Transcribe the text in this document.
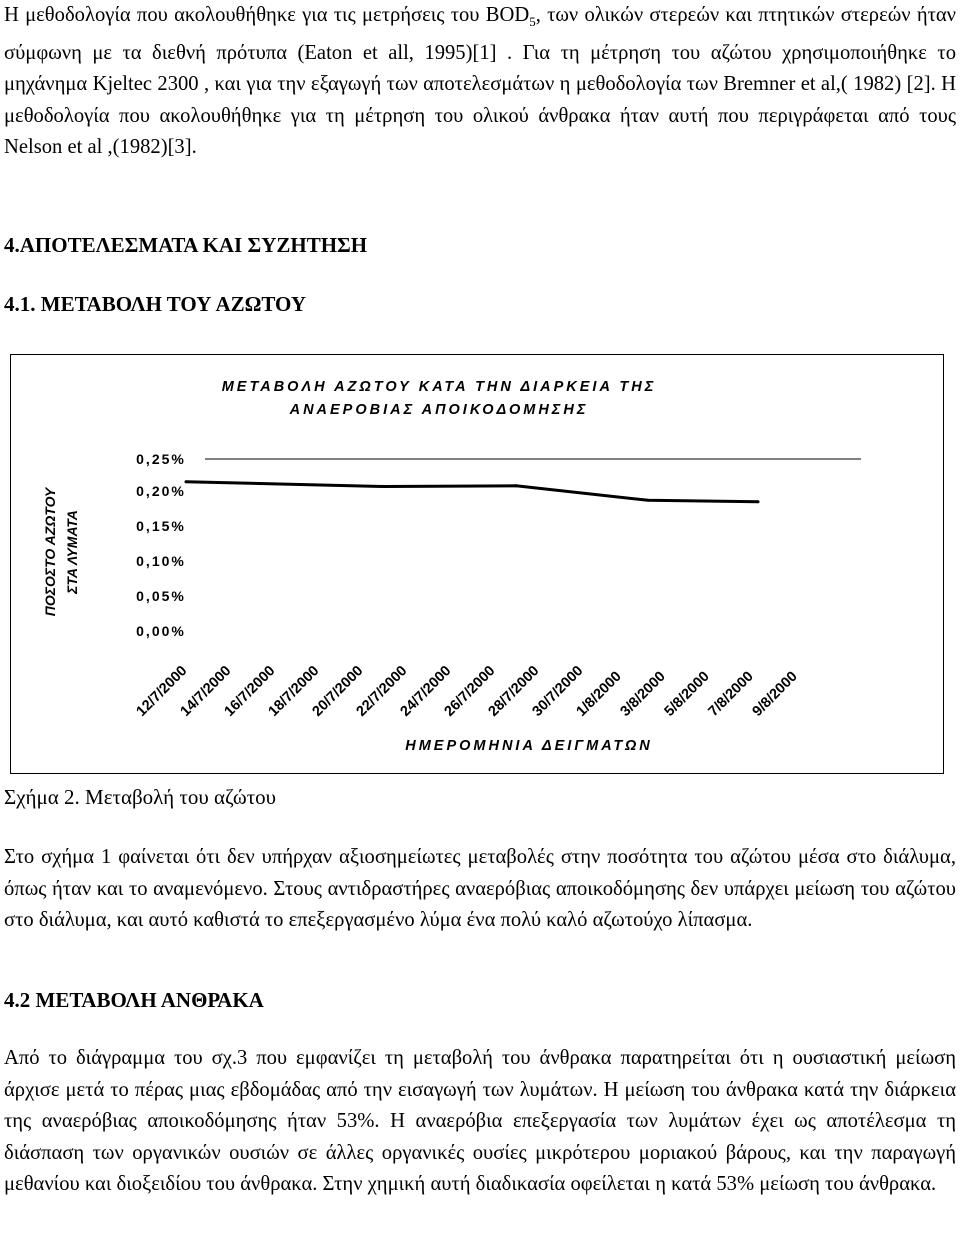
Η μεθοδολογία που ακολουθήθηκε για τις μετρήσεις του $BOD_5$, των ολικών στερεών και πτητικών στερεών ήταν σύμφωνη με τα διεθνή πρότυπα (Eaton et all, 1995)[1] . Για τη μέτρηση του αζώτου χρησιμοποιήθηκε το μηχάνημα Kjeltec 2300 , και για την εξαγωγή των αποτελεσμάτων η μεθοδολογία των Bremner et al,( 1982) [2]. Η μεθοδολογία που ακολουθήθηκε για τη μέτρηση του ολικού άνθρακα ήταν αυτή που περιγράφεται από τους Nelson et al ,(1982)[3].
4.ΑΠΟΤΕΛΕΣΜΑΤΑ ΚΑΙ ΣΥΖΗΤΗΣΗ
4.1. ΜΕΤΑΒΟΛΗ ΤΟΥ ΑΖΩΤΟΥ
ΜΕΤΑΒΟΛΗ ΑΖΩΤΟΥ ΚΑΤΑ ΤΗΝ ΔΙΑΡΚΕΙΑ ΤΗΣ
ΑΝΑΕΡΟΒΙΑΣ ΑΠΟΙΚΟΔΟΜΗΣΗΣ
ΠΟΣΟΣΤΟ ΑΖΩΤΟΥ ΣΤΑ ΛΥΜΑΤΑ
0,00%
0,05%
0,10%
0,15%
0,20%
0,25%
12/7/2000
14/7/2000
16/7/2000
18/7/2000
20/7/2000
22/7/2000
24/7/2000
26/7/2000
28/7/2000
30/7/2000
1/8/2000
3/8/2000
5/8/2000
7/8/2000
9/8/2000
ΗΜΕΡΟΜΗΝΙΑ ΔΕΙΓΜΑΤΩΝ
Σχήμα 2. Μεταβολή του αζώτου
Στο σχήμα 1 φαίνεται ότι δεν υπήρχαν αξιοσημείωτες μεταβολές στην ποσότητα του αζώτου μέσα στο διάλυμα, όπως ήταν και το αναμενόμενο. Στους αντιδραστήρες αναερόβιας αποικοδόμησης δεν υπάρχει μείωση του αζώτου στο διάλυμα, και αυτό καθιστά το επεξεργασμένο λύμα ένα πολύ καλό αζωτούχο λίπασμα.
4.2 ΜΕΤΑΒΟΛΗ ΑΝΘΡΑΚΑ
Από το διάγραμμα του σχ.3 που εμφανίζει τη μεταβολή του άνθρακα παρατηρείται ότι η ουσιαστική μείωση άρχισε μετά το πέρας μιας εβδομάδας από την εισαγωγή των λυμάτων. Η μείωση του άνθρακα κατά την διάρκεια της αναερόβιας αποικοδόμησης ήταν 53%. Η αναερόβια επεξεργασία των λυμάτων έχει ως αποτέλεσμα τη διάσπαση των οργανικών ουσιών σε άλλες οργανικές ουσίες μικρότερου μοριακού βάρους, και την παραγωγή μεθανίου και διοξειδίου του άνθρακα. Στην χημική αυτή διαδικασία οφείλεται η κατά 53% μείωση του άνθρακα.
